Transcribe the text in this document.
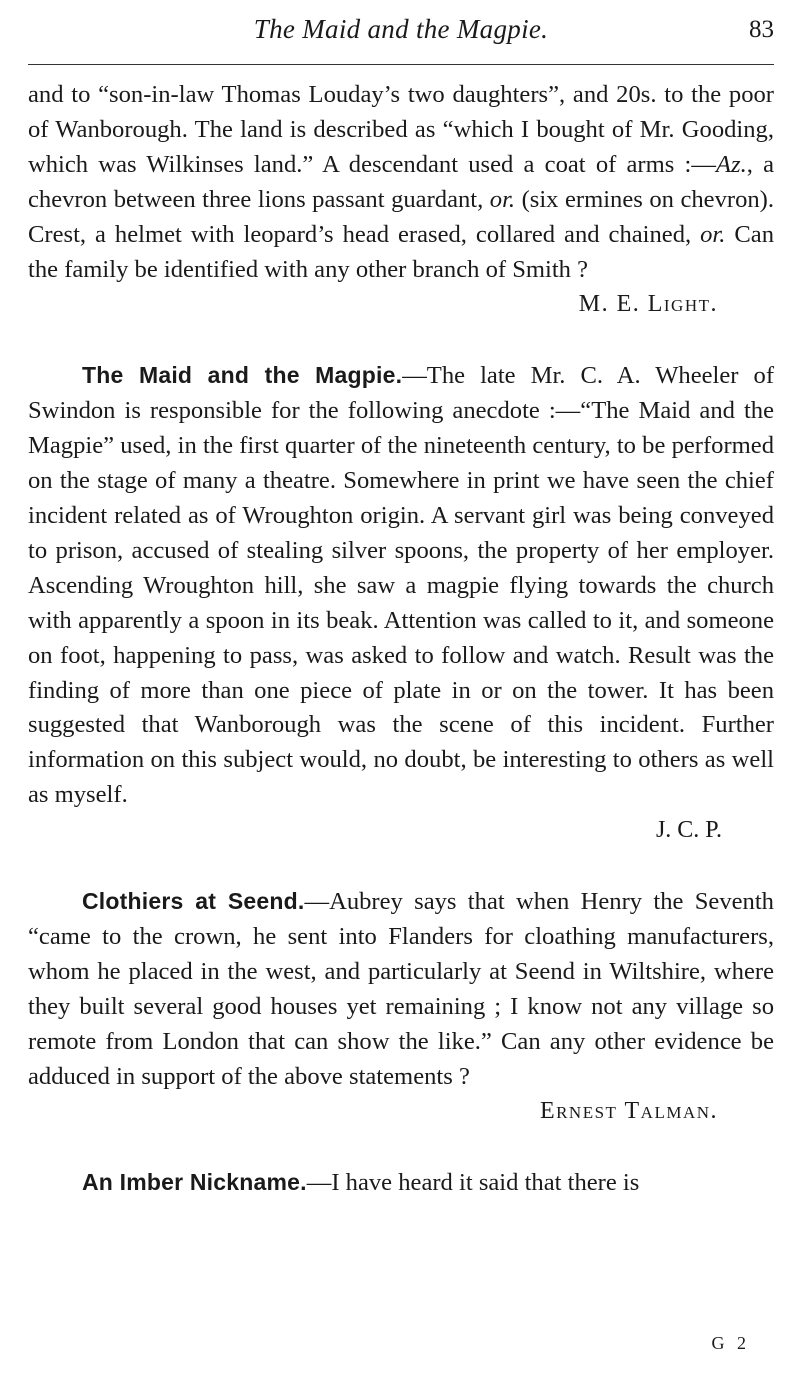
The Maid and the Magpie.	83

and to “son-in-law Thomas Louday’s two daughters”, and 20s. to the poor of Wanborough. The land is described as “which I bought of Mr. Gooding, which was Wilkinses land.” A descendant used a coat of arms :—Az., a chevron between three lions passant guardant, or. (six ermines on chevron). Crest, a helmet with leopard’s head erased, collared and chained, or. Can the family be identified with any other branch of Smith ?

M. E. Light.

The Maid and the Magpie.—The late Mr. C. A. Wheeler of Swindon is responsible for the following anecdote :—“The Maid and the Magpie” used, in the first quarter of the nineteenth century, to be performed on the stage of many a theatre. Somewhere in print we have seen the chief incident related as of Wroughton origin. A servant girl was being conveyed to prison, accused of stealing silver spoons, the property of her employer. Ascending Wroughton hill, she saw a magpie flying towards the church with apparently a spoon in its beak. Attention was called to it, and someone on foot, happening to pass, was asked to follow and watch. Result was the finding of more than one piece of plate in or on the tower. It has been suggested that Wanborough was the scene of this incident. Further information on this subject would, no doubt, be interesting to others as well as myself.

J. C. P.

Clothiers at Seend.—Aubrey says that when Henry the Seventh “came to the crown, he sent into Flanders for cloathing manufacturers, whom he placed in the west, and particularly at Seend in Wiltshire, where they built several good houses yet remaining ; I know not any village so remote from London that can show the like.” Can any other evidence be adduced in support of the above statements ?

Ernest Talman.

An Imber Nickname.—I have heard it said that there is

G 2
